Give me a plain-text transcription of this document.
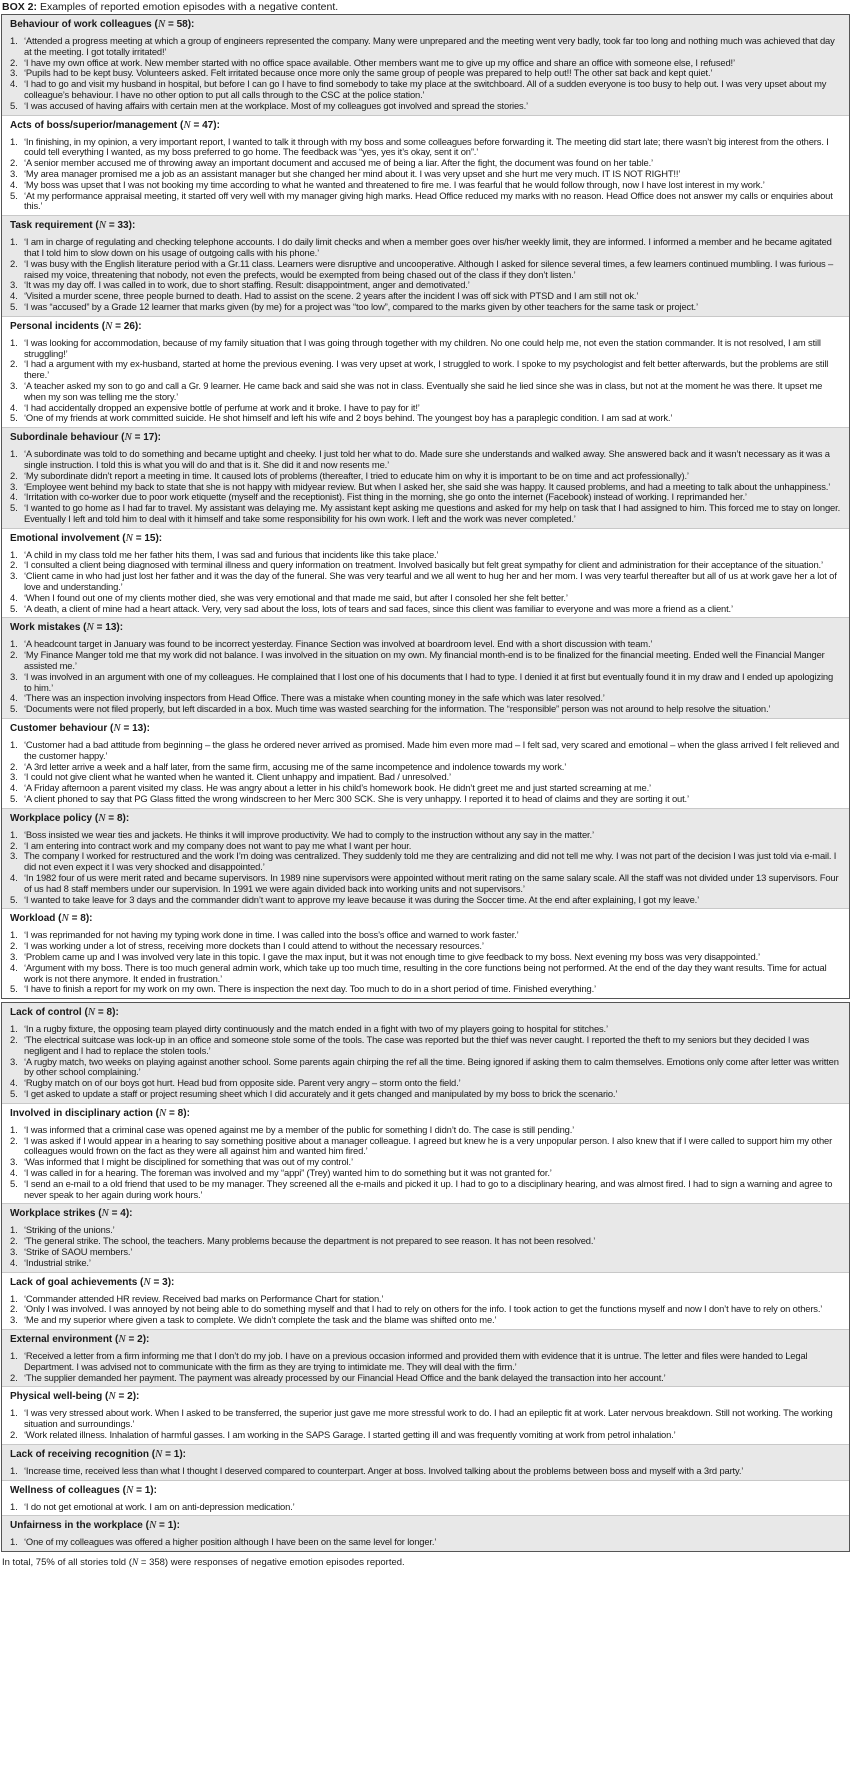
BOX 2: Examples of reported emotion episodes with a negative content.
Behaviour of work colleagues (N = 58):
1. ‘Attended a progress meeting at which a group of engineers represented the company. Many were unprepared and the meeting went very badly, took far too long and nothing much was achieved that day at the meeting. I got totally irritated!’
2. ‘I have my own office at work. New member started with no office space available. Other members want me to give up my office and share an office with someone else, I refused!’
3. ‘Pupils had to be kept busy. Volunteers asked. Felt irritated because once more only the same group of people was prepared to help out!! The other sat back and kept quiet.’
4. ‘I had to go and visit my husband in hospital, but before I can go I have to find somebody to take my place at the switchboard. All of a sudden everyone is too busy to help out. I was very upset about my colleague’s behaviour. I have no other option to put all calls through to the CSC at the police station.’
5. ‘I was accused of having affairs with certain men at the workplace. Most of my colleagues got involved and spread the stories.’
Acts of boss/superior/management (N = 47):
1. ‘In finishing, in my opinion, a very important report, I wanted to talk it through with my boss and some colleagues before forwarding it. The meeting did start late; there wasn’t big interest from the others. I could tell everything I wanted, as my boss preferred to go home. The feedback was “yes, yes it’s okay, sent it on”.’
2. ‘A senior member accused me of throwing away an important document and accused me of being a liar. After the fight, the document was found on her table.’
3. ‘My area manager promised me a job as an assistant manager but she changed her mind about it. I was very upset and she hurt me very much. IT IS NOT RIGHT!!’
4. ‘My boss was upset that I was not booking my time according to what he wanted and threatened to fire me. I was fearful that he would follow through, now I have lost interest in my work.’
5. ‘At my performance appraisal meeting, it started off very well with my manager giving high marks. Head Office reduced my marks with no reason. Head Office does not answer my calls or enquiries about this.’
Task requirement (N = 33):
1. ‘I am in charge of regulating and checking telephone accounts. I do daily limit checks and when a member goes over his/her weekly limit, they are informed. I informed a member and he became agitated that I told him to slow down on his usage of outgoing calls with his phone.’
2. ‘I was busy with the English literature period with a Gr.11 class. Learners were disruptive and uncooperative. Although I asked for silence several times, a few learners continued mumbling. I was furious – raised my voice, threatening that nobody, not even the prefects, would be exempted from being chased out of the class if they don’t listen.’
3. ‘It was my day off. I was called in to work, due to short staffing. Result: disappointment, anger and demotivated.’
4. ‘Visited a murder scene, three people burned to death. Had to assist on the scene. 2 years after the incident I was off sick with PTSD and I am still not ok.’
5. ‘I was “accused” by a Grade 12 learner that marks given (by me) for a project was “too low”, compared to the marks given by other teachers for the same task or project.’
Personal incidents (N = 26):
1. ‘I was looking for accommodation, because of my family situation that I was going through together with my children. No one could help me, not even the station commander. It is not resolved, I am still struggling!’
2. ‘I had a argument with my ex-husband, started at home the previous evening. I was very upset at work, I struggled to work. I spoke to my psychologist and felt better afterwards, but the problems are still there.’
3. ‘A teacher asked my son to go and call a Gr. 9 learner. He came back and said she was not in class. Eventually she said he lied since she was in class, but not at the moment he was there. It upset me when my son was telling me the story.’
4. ‘I had accidentally dropped an expensive bottle of perfume at work and it broke. I have to pay for it!’
5. ‘One of my friends at work committed suicide. He shot himself and left his wife and 2 boys behind. The youngest boy has a paraplegic condition. I am sad at work.’
Subordinale behaviour (N = 17):
1. ‘A subordinate was told to do something and became uptight and cheeky. I just told her what to do. Made sure she understands and walked away. She answered back and it wasn’t necessary as it was a single instruction. I told this is what you will do and that is it. She did it and now resents me.’
2. ‘My subordinate didn’t report a meeting in time. It caused lots of problems (thereafter, I tried to educate him on why it is important to be on time and act professionally).’
3. ‘Employee went behind my back to state that she is not happy with midyear review. But when I asked her, she said she was happy. It caused problems, and had a meeting to talk about the unhappiness.’
4. ‘Irritation with co-worker due to poor work etiquette (myself and the receptionist). Fist thing in the morning, she go onto the internet (Facebook) instead of working. I reprimanded her.’
5. ‘I wanted to go home as I had far to travel. My assistant was delaying me. My assistant kept asking me questions and asked for my help on task that I had assigned to him. This forced me to stay on longer. Eventually I left and told him to deal with it himself and take some responsibility for his own work. I left and the work was never completed.’
Emotional involvement (N = 15):
1. ‘A child in my class told me her father hits them, I was sad and furious that incidents like this take place.’
2. ‘I consulted a client being diagnosed with terminal illness and query information on treatment. Involved basically but felt great sympathy for client and administration for their acceptance of the situation.’
3. ‘Client came in who had just lost her father and it was the day of the funeral. She was very tearful and we all went to hug her and her mom. I was very tearful thereafter but all of us at work gave her a lot of love and understanding.’
4. ‘When I found out one of my clients mother died, she was very emotional and that made me said, but after I consoled her she felt better.’
5. ‘A death, a client of mine had a heart attack. Very, very sad about the loss, lots of tears and sad faces, since this client was familiar to everyone and was more a friend as a client.’
Work mistakes (N = 13):
1. ‘A headcount target in January was found to be incorrect yesterday. Finance Section was involved at boardroom level. End with a short discussion with team.’
2. ‘My Finance Manger told me that my work did not balance. I was involved in the situation on my own. My financial month-end is to be finalized for the financial meeting. Ended well the Financial Manger assisted me.’
3. ‘I was involved in an argument with one of my colleagues. He complained that I lost one of his documents that I had to type. I denied it at first but eventually found it in my draw and I ended up apologizing to him.’
4. ‘There was an inspection involving inspectors from Head Office. There was a mistake when counting money in the safe which was later resolved.’
5. ‘Documents were not filed properly, but left discarded in a box. Much time was wasted searching for the information. The “responsible” person was not around to help resolve the situation.’
Customer behaviour (N = 13):
1. ‘Customer had a bad attitude from beginning – the glass he ordered never arrived as promised. Made him even more mad – I felt sad, very scared and emotional – when the glass arrived I felt relieved and the customer happy.’
2. ‘A 3rd letter arrive a week and a half later, from the same firm, accusing me of the same incompetence and indolence towards my work.’
3. ‘I could not give client what he wanted when he wanted it. Client unhappy and impatient. Bad / unresolved.’
4. ‘A Friday afternoon a parent visited my class. He was angry about a letter in his child’s homework book. He didn’t greet me and just started screaming at me.’
5. ‘A client phoned to say that PG Glass fitted the wrong windscreen to her Merc 300 SCK. She is very unhappy. I reported it to head of claims and they are sorting it out.’
Workplace policy (N = 8):
1. ‘Boss insisted we wear ties and jackets. He thinks it will improve productivity. We had to comply to the instruction without any say in the matter.’
2. ‘I am entering into contract work and my company does not want to pay me what I want per hour.
3. The company I worked for restructured and the work I’m doing was centralized. They suddenly told me they are centralizing and did not tell me why. I was not part of the decision I was just told via e-mail. I did not even expect it I was very shocked and disappointed.’
4. ‘In 1982 four of us were merit rated and became supervisors. In 1989 nine supervisors were appointed without merit rating on the same salary scale. All the staff was not divided under 13 supervisors. Four of us had 8 staff members under our supervision. In 1991 we were again divided back into working units and not supervisors.’
5. ‘I wanted to take leave for 3 days and the commander didn’t want to approve my leave because it was during the Soccer time. At the end after explaining, I got my leave.’
Workload (N = 8):
1. ‘I was reprimanded for not having my typing work done in time. I was called into the boss’s office and warned to work faster.’
2. ‘I was working under a lot of stress, receiving more dockets than I could attend to without the necessary resources.’
3. ‘Problem came up and I was involved very late in this topic. I gave the max input, but it was not enough time to give feedback to my boss. Next evening my boss was very disappointed.’
4. ‘Argument with my boss. There is too much general admin work, which take up too much time, resulting in the core functions being not performed. At the end of the day they want results. Time for actual work is not there anymore. It ended in frustration.’
5. ‘I have to finish a report for my work on my own. There is inspection the next day. Too much to do in a short period of time. Finished everything.’
Lack of control (N = 8):
1. ‘In a rugby fixture, the opposing team played dirty continuously and the match ended in a fight with two of my players going to hospital for stitches.’
2. ‘The electrical suitcase was lock-up in an office and someone stole some of the tools. The case was reported but the thief was never caught. I reported the theft to my seniors but they decided I was negligent and I had to replace the stolen tools.’
3. ‘A rugby match, two weeks on playing against another school. Some parents again chirping the ref all the time. Being ignored if asking them to calm themselves. Emotions only come after letter was written by other school complaining.’
4. ‘Rugby match on of our boys got hurt. Head bud from opposite side. Parent very angry – storm onto the field.’
5. ‘I get asked to update a staff or project resuming sheet which I did accurately and it gets changed and manipulated by my boss to brick the scenario.’
Involved in disciplinary action (N = 8):
1. ‘I was informed that a criminal case was opened against me by a member of the public for something I didn’t do. The case is still pending.’
2. ‘I was asked if I would appear in a hearing to say something positive about a manager colleague. I agreed but knew he is a very unpopular person. I also knew that if I were called to support him my other colleagues would frown on the fact as they were all against him and wanted him fired.’
3. ‘Was informed that I might be disciplined for something that was out of my control.’
4. ‘I was called in for a hearing. The foreman was involved and my “appi” (Trey) wanted him to do something but it was not granted for.’
5. ‘I send an e-mail to a old friend that used to be my manager. They screened all the e-mails and picked it up. I had to go to a disciplinary hearing, and was almost fired. I had to sign a warning and agree to never speak to her again during work hours.’
Workplace strikes (N = 4):
1. ‘Striking of the unions.’
2. ‘The general strike. The school, the teachers. Many problems because the department is not prepared to see reason. It has not been resolved.’
3. ‘Strike of SAOU members.’
4. ‘Industrial strike.’
Lack of goal achievements (N = 3):
1. ‘Commander attended HR review. Received bad marks on Performance Chart for station.’
2. ‘Only I was involved. I was annoyed by not being able to do something myself and that I had to rely on others for the info. I took action to get the functions myself and now I don’t have to rely on others.’
3. ‘Me and my superior where given a task to complete. We didn’t complete the task and the blame was shifted onto me.’
External environment (N = 2):
1. ‘Received a letter from a firm informing me that I don’t do my job. I have on a previous occasion informed and provided them with evidence that it is untrue. The letter and files were handed to Legal Department. I was advised not to communicate with the firm as they are trying to intimidate me. They will deal with the firm.’
2. ‘The supplier demanded her payment. The payment was already processed by our Financial Head Office and the bank delayed the transaction into her account.’
Physical well-being (N = 2):
1. ‘I was very stressed about work. When I asked to be transferred, the superior just gave me more stressful work to do. I had an epileptic fit at work. Later nervous breakdown. Still not working. The working situation and surroundings.’
2. ‘Work related illness. Inhalation of harmful gasses. I am working in the SAPS Garage. I started getting ill and was frequently vomiting at work from petrol inhalation.’
Lack of receiving recognition (N = 1):
1. ‘Increase time, received less than what I thought I deserved compared to counterpart. Anger at boss. Involved talking about the problems between boss and myself with a 3rd party.’
Wellness of colleagues (N = 1):
1. ‘I do not get emotional at work. I am on anti-depression medication.’
Unfairness in the workplace (N = 1):
1. ‘One of my colleagues was offered a higher position although I have been on the same level for longer.’
In total, 75% of all stories told (N = 358) were responses of negative emotion episodes reported.
